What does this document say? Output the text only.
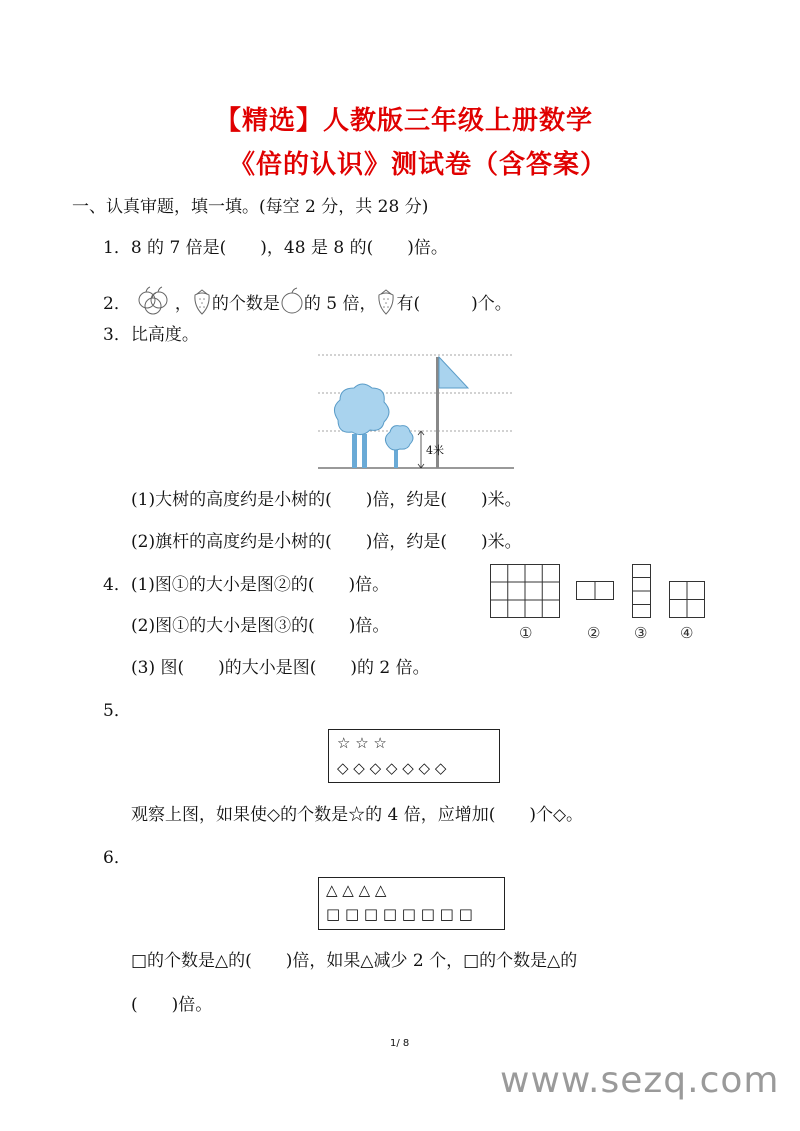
【精选】人教版三年级上册数学
《倍的认识》测试卷（含答案）
一、认真审题，填一填。(每空 2 分，共 28 分)
1．8 的 7 倍是(　　)，48 是 8 的(　　)倍。
2．	， 的个数是 的 5 倍， 有(　　　)个。
3．比高度。
4米
(1)大树的高度约是小树的(　　)倍，约是(　　)米。
(2)旗杆的高度约是小树的(　　)倍，约是(　　)米。
4．(1)图①的大小是图②的(　　)倍。
(2)图①的大小是图③的(　　)倍。
(3) 图(　　)的大小是图(　　)的 2 倍。
①	② ③ ④
5．
☆ ☆ ☆
◇ ◇ ◇ ◇ ◇ ◇ ◇
观察上图，如果使◇的个数是☆的 4 倍，应增加(　　)个◇。
6．
△ △ △ △
□ □ □ □ □ □ □ □
□的个数是△的(　　)倍，如果△减少 2 个，□的个数是△的
(　　)倍。
1/ 8
www.sezq.com
